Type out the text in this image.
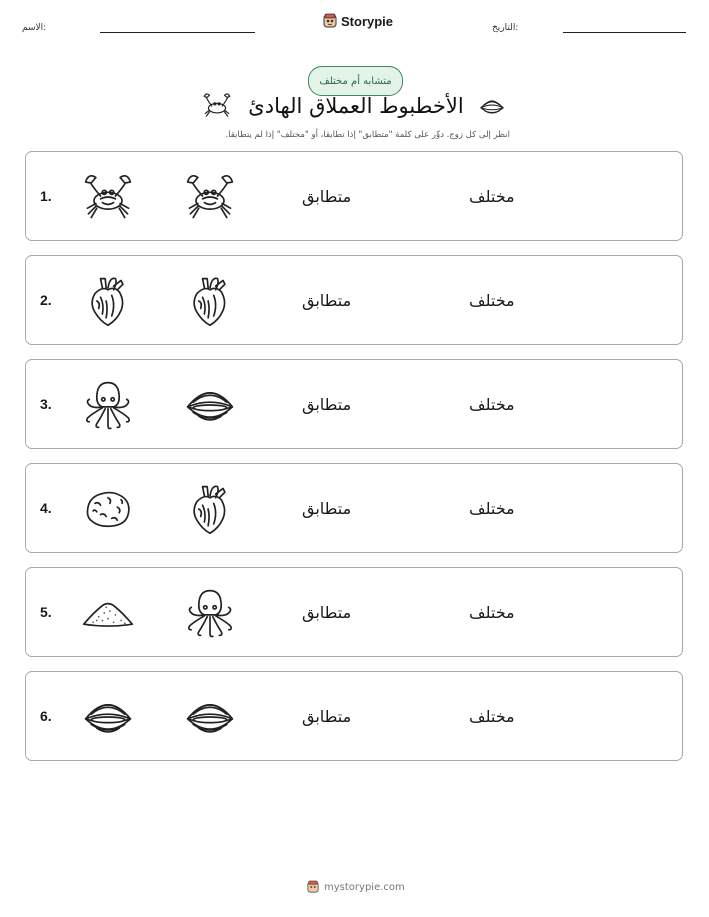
الاسم:	Storypie	التاريخ:
متشابه أم مختلف
الأخطبوط العملاق الهادئ
انظر إلى كل زوج. دوِّر على كلمة "متطابق" إذا تطابقا، أو "مختلف" إذا لم يتطابقا.
1.	متطابق	مختلف
2.	متطابق	مختلف
3.	متطابق	مختلف
4.	متطابق	مختلف
5.	متطابق	مختلف
6.	متطابق	مختلف
mystorypie.com
